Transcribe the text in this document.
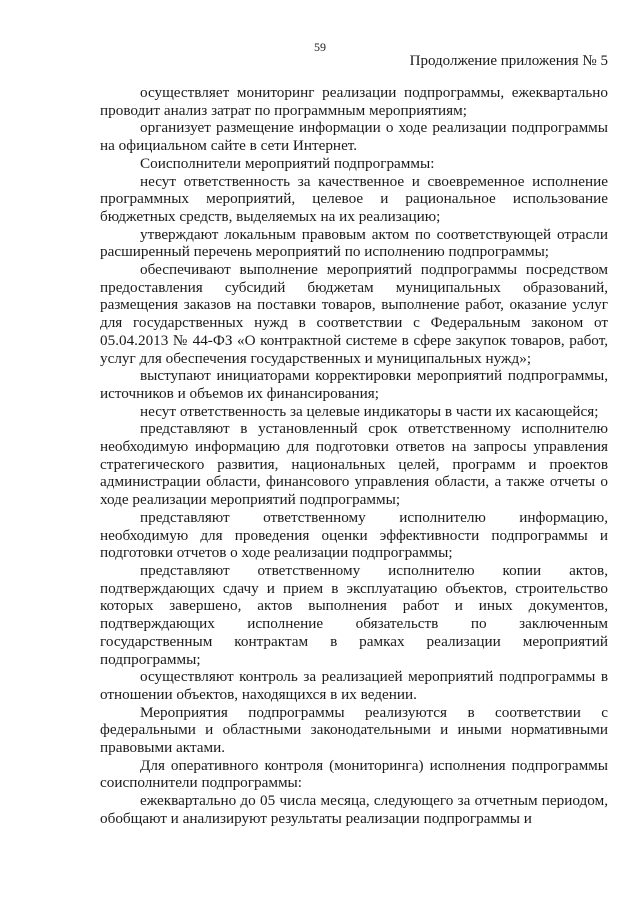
59
Продолжение приложения № 5

осуществляет мониторинг реализации подпрограммы, ежеквартально проводит анализ затрат по программным мероприятиям;

организует размещение информации о ходе реализации подпрограммы на официальном сайте в сети Интернет.

Соисполнители мероприятий подпрограммы:

несут ответственность за качественное и своевременное исполнение программных мероприятий, целевое и рациональное использование бюджетных средств, выделяемых на их реализацию;

утверждают локальным правовым актом по соответствующей отрасли расширенный перечень мероприятий по исполнению подпрограммы;

обеспечивают выполнение мероприятий подпрограммы посредством предоставления субсидий бюджетам муниципальных образований, размещения заказов на поставки товаров, выполнение работ, оказание услуг для государственных нужд в соответствии с Федеральным законом от 05.04.2013 № 44-ФЗ «О контрактной системе в сфере закупок товаров, работ, услуг для обеспечения государственных и муниципальных нужд»;

выступают инициаторами корректировки мероприятий подпрограммы, источников и объемов их финансирования;

несут ответственность за целевые индикаторы в части их касающейся;

представляют в установленный срок ответственному исполнителю необходимую информацию для подготовки ответов на запросы управления стратегического развития, национальных целей, программ и проектов администрации области, финансового управления области, а также отчеты о ходе реализации мероприятий подпрограммы;

представляют ответственному исполнителю информацию, необходимую для проведения оценки эффективности подпрограммы и подготовки отчетов о ходе реализации подпрограммы;

представляют ответственному исполнителю копии актов, подтверждающих сдачу и прием в эксплуатацию объектов, строительство которых завершено, актов выполнения работ и иных документов, подтверждающих исполнение обязательств по заключенным государственным контрактам в рамках реализации мероприятий подпрограммы;

осуществляют контроль за реализацией мероприятий подпрограммы в отношении объектов, находящихся в их ведении.

Мероприятия подпрограммы реализуются в соответствии с федеральными и областными законодательными и иными нормативными правовыми актами.

Для оперативного контроля (мониторинга) исполнения подпрограммы соисполнители подпрограммы:

ежеквартально до 05 числа месяца, следующего за отчетным периодом, обобщают и анализируют результаты реализации подпрограммы и
